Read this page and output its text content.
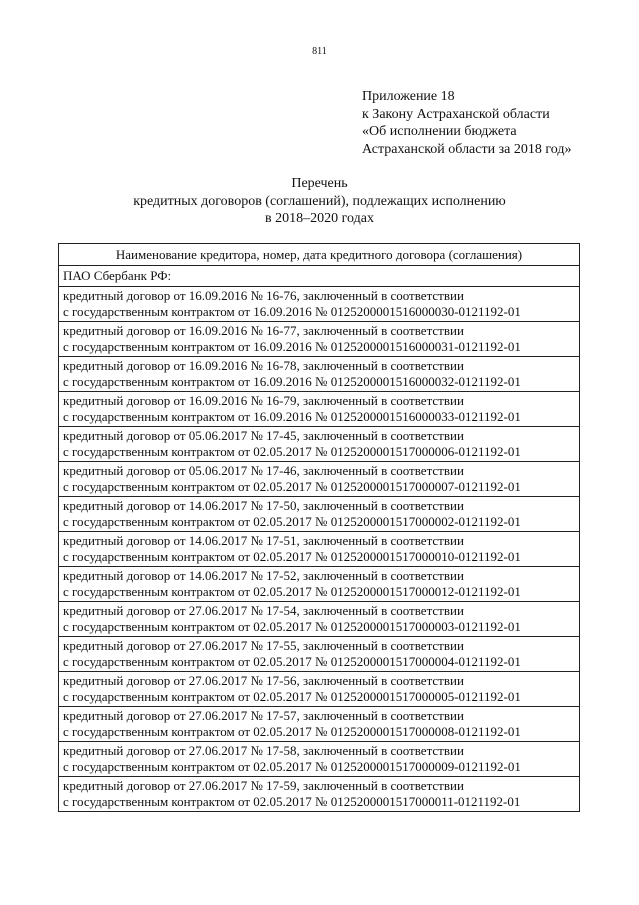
811
Приложение 18
к Закону Астраханской области
«Об исполнении бюджета
Астраханской области за 2018 год»
Перечень
кредитных договоров (соглашений), подлежащих исполнению
в 2018–2020 годах
Наименование кредитора, номер, дата кредитного договора (соглашения)
ПАО Сбербанк РФ:

кредитный договор от 16.09.2016 № 16-76, заключенный в соответствии
с государственным контрактом от 16.09.2016 № 0125200001516000030-0121192-01

кредитный договор от 16.09.2016 № 16-77, заключенный в соответствии
с государственным контрактом от 16.09.2016 № 0125200001516000031-0121192-01

кредитный договор от 16.09.2016 № 16-78, заключенный в соответствии
с государственным контрактом от 16.09.2016 № 0125200001516000032-0121192-01

кредитный договор от 16.09.2016 № 16-79, заключенный в соответствии
с государственным контрактом от 16.09.2016 № 0125200001516000033-0121192-01

кредитный договор от 05.06.2017 № 17-45, заключенный в соответствии
с государственным контрактом от 02.05.2017 № 0125200001517000006-0121192-01

кредитный договор от 05.06.2017 № 17-46, заключенный в соответствии
с государственным контрактом от 02.05.2017 № 0125200001517000007-0121192-01

кредитный договор от 14.06.2017 № 17-50, заключенный в соответствии
с государственным контрактом от 02.05.2017 № 0125200001517000002-0121192-01

кредитный договор от 14.06.2017 № 17-51, заключенный в соответствии
с государственным контрактом от 02.05.2017 № 0125200001517000010-0121192-01

кредитный договор от 14.06.2017 № 17-52, заключенный в соответствии
с государственным контрактом от 02.05.2017 № 0125200001517000012-0121192-01

кредитный договор от 27.06.2017 № 17-54, заключенный в соответствии
с государственным контрактом от 02.05.2017 № 0125200001517000003-0121192-01

кредитный договор от 27.06.2017 № 17-55, заключенный в соответствии
с государственным контрактом от 02.05.2017 № 0125200001517000004-0121192-01

кредитный договор от 27.06.2017 № 17-56, заключенный в соответствии
с государственным контрактом от 02.05.2017 № 0125200001517000005-0121192-01

кредитный договор от 27.06.2017 № 17-57, заключенный в соответствии
с государственным контрактом от 02.05.2017 № 0125200001517000008-0121192-01

кредитный договор от 27.06.2017 № 17-58, заключенный в соответствии
с государственным контрактом от 02.05.2017 № 0125200001517000009-0121192-01

кредитный договор от 27.06.2017 № 17-59, заключенный в соответствии
с государственным контрактом от 02.05.2017 № 0125200001517000011-0121192-01
